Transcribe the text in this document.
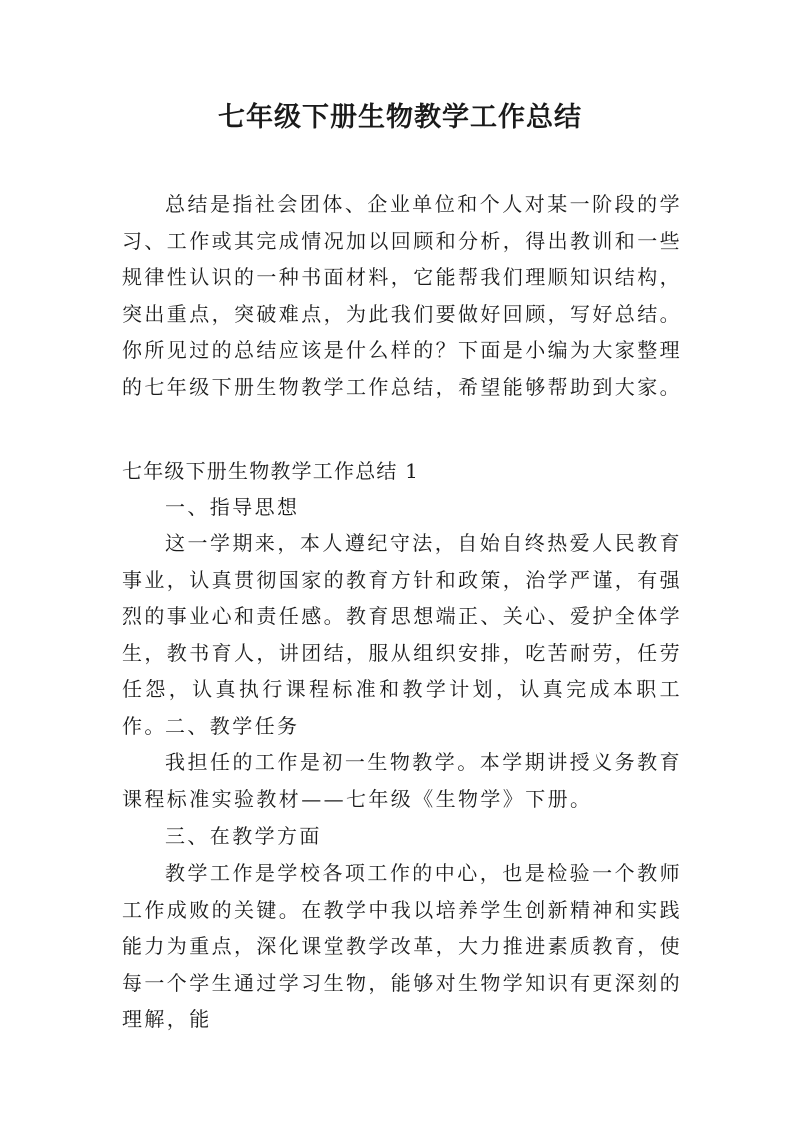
七年级下册生物教学工作总结

总结是指社会团体、企业单位和个人对某一阶段的学习、工作或其完成情况加以回顾和分析，得出教训和一些规律性认识的一种书面材料，它能帮我们理顺知识结构，突出重点，突破难点，为此我们要做好回顾，写好总结。你所见过的总结应该是什么样的？下面是小编为大家整理的七年级下册生物教学工作总结，希望能够帮助到大家。

七年级下册生物教学工作总结 1
一、指导思想

这一学期来，本人遵纪守法，自始自终热爱人民教育事业，认真贯彻国家的教育方针和政策，治学严谨，有强烈的事业心和责任感。教育思想端正、关心、爱护全体学生，教书育人，讲团结，服从组织安排，吃苦耐劳，任劳任怨，认真执行课程标准和教学计划，认真完成本职工作。

二、教学任务

我担任的工作是初一生物教学。本学期讲授义务教育课程标准实验教材——七年级《生物学》下册。

三、在教学方面

教学工作是学校各项工作的中心，也是检验一个教师工作成败的关键。在教学中我以培养学生创新精神和实践能力为重点，深化课堂教学改革，大力推进素质教育，使每一个学生通过学习生物，能够对生物学知识有更深刻的理解，能
